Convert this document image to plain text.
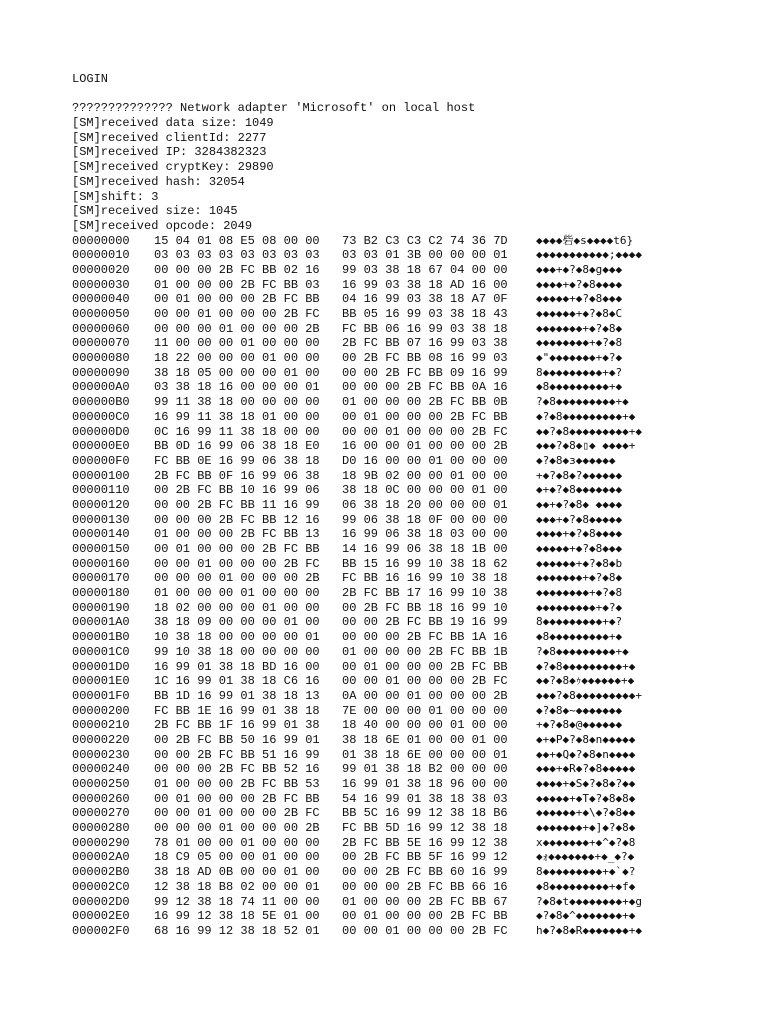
LOGIN
?????????????? Network adapter 'Microsoft' on local host
[SM]received data size: 1049
[SM]received clientId: 2277
[SM]received IP: 3284382323
[SM]received cryptKey: 29890
[SM]received hash: 32054
[SM]shift: 3
[SM]received size: 1045
[SM]received opcode: 2049
00000000 15 04 01 08 E5 08 00 00 73 B2 C3 C3 C2 74 36 7D	◆◆◆◆砦◆s◆◆◆◆t6}
00000010 03 03 03 03 03 03 03 03 03 03 01 3B 00 00 00 01	◆◆◆◆◆◆◆◆◆◆◆;◆◆◆◆
00000020 00 00 00 2B FC BB 02 16 99 03 38 18 67 04 00 00	◆◆◆+◆?◆8◆g◆◆◆
00000030 01 00 00 00 2B FC BB 03 16 99 03 38 18 AD 16 00	◆◆◆◆+◆?◆8◆◆◆◆
00000040 00 01 00 00 00 2B FC BB 04 16 99 03 38 18 A7 0F	◆◆◆◆◆+◆?◆8◆◆◆
00000050 00 00 01 00 00 00 2B FC BB 05 16 99 03 38 18 43	◆◆◆◆◆◆+◆?◆8◆C
00000060 00 00 00 01 00 00 00 2B FC BB 06 16 99 03 38 18	◆◆◆◆◆◆◆+◆?◆8◆
00000070 11 00 00 00 01 00 00 00 2B FC BB 07 16 99 03 38	◆◆◆◆◆◆◆◆+◆?◆8
00000080 18 22 00 00 00 01 00 00 00 2B FC BB 08 16 99 03	◆"◆◆◆◆◆◆◆+◆?◆
00000090 38 18 05 00 00 00 01 00 00 00 2B FC BB 09 16 99	8◆◆◆◆◆◆◆◆◆+◆?
000000A0 03 38 18 16 00 00 00 01 00 00 00 2B FC BB 0A 16	◆8◆◆◆◆◆◆◆◆◆+◆
000000B0 99 11 38 18 00 00 00 00 01 00 00 00 2B FC BB 0B	?◆8◆◆◆◆◆◆◆◆◆+◆
000000C0 16 99 11 38 18 01 00 00 00 01 00 00 00 2B FC BB	◆?◆8◆◆◆◆◆◆◆◆◆+◆
000000D0 0C 16 99 11 38 18 00 00 00 00 01 00 00 00 2B FC	◆◆?◆8◆◆◆◆◆◆◆◆◆+◆
000000E0 BB 0D 16 99 06 38 18 E0 16 00 00 01 00 00 00 2B	◆◆◆?◆8◆▯◆ ◆◆◆◆+
000000F0 FC BB 0E 16 99 06 38 18 D0 16 00 00 01 00 00 00	◆?◆8◆з◆◆◆◆◆◆
00000100 2B FC BB 0F 16 99 06 38 18 9B 02 00 00 01 00 00	+◆?◆8◆?◆◆◆◆◆◆
00000110 00 2B FC BB 10 16 99 06 38 18 0C 00 00 00 01 00	◆+◆?◆8◆◆◆◆◆◆◆
00000120 00 00 2B FC BB 11 16 99 06 38 18 20 00 00 00 01	◆◆+◆?◆8◆ ◆◆◆◆
00000130 00 00 00 2B FC BB 12 16 99 06 38 18 0F 00 00 00	◆◆◆+◆?◆8◆◆◆◆◆
00000140 01 00 00 00 2B FC BB 13 16 99 06 38 18 03 00 00	◆◆◆◆+◆?◆8◆◆◆◆
00000150 00 01 00 00 00 2B FC BB 14 16 99 06 38 18 1B 00	◆◆◆◆◆+◆?◆8◆◆◆
00000160 00 00 01 00 00 00 2B FC BB 15 16 99 10 38 18 62	◆◆◆◆◆◆+◆?◆8◆b
00000170 00 00 00 01 00 00 00 2B FC BB 16 16 99 10 38 18	◆◆◆◆◆◆◆+◆?◆8◆
00000180 01 00 00 00 01 00 00 00 2B FC BB 17 16 99 10 38	◆◆◆◆◆◆◆◆+◆?◆8
00000190 18 02 00 00 00 01 00 00 00 2B FC BB 18 16 99 10	◆◆◆◆◆◆◆◆◆+◆?◆
000001A0 38 18 09 00 00 00 01 00 00 00 2B FC BB 19 16 99	8◆◆◆◆◆◆◆◆◆+◆?
000001B0 10 38 18 00 00 00 00 01 00 00 00 2B FC BB 1A 16	◆8◆◆◆◆◆◆◆◆◆+◆
000001C0 99 10 38 18 00 00 00 00 01 00 00 00 2B FC BB 1B	?◆8◆◆◆◆◆◆◆◆◆+◆
000001D0 16 99 01 38 18 BD 16 00 00 01 00 00 00 2B FC BB	◆?◆8◆◆◆◆◆◆◆◆◆+◆
000001E0 1C 16 99 01 38 18 C6 16 00 00 01 00 00 00 2B FC	◆◆?◆8◆ｩ◆◆◆◆◆◆+◆
000001F0 BB 1D 16 99 01 38 18 13 0A 00 00 01 00 00 00 2B	◆◆◆?◆8◆◆◆◆◆◆◆◆◆+
00000200 FC BB 1E 16 99 01 38 18 7E 00 00 00 01 00 00 00	◆?◆8◆~◆◆◆◆◆◆◆
00000210 2B FC BB 1F 16 99 01 38 18 40 00 00 00 01 00 00	+◆?◆8◆@◆◆◆◆◆◆
00000220 00 2B FC BB 50 16 99 01 38 18 6E 01 00 00 01 00	◆+◆P◆?◆8◆n◆◆◆◆◆
00000230 00 00 2B FC BB 51 16 99 01 38 18 6E 00 00 00 01	◆◆+◆Q◆?◆8◆n◆◆◆◆
00000240 00 00 00 2B FC BB 52 16 99 01 38 18 B2 00 00 00	◆◆◆+◆R◆?◆8◆◆◆◆◆
00000250 01 00 00 00 2B FC BB 53 16 99 01 38 18 96 00 00	◆◆◆◆+◆S◆?◆8◆?◆◆
00000260 00 01 00 00 00 2B FC BB 54 16 99 01 38 18 38 03	◆◆◆◆◆+◆T◆?◆8◆8◆
00000270 00 00 01 00 00 00 2B FC BB 5C 16 99 12 38 18 B6	◆◆◆◆◆◆+◆\◆?◆8◆◆
00000280 00 00 00 01 00 00 00 2B FC BB 5D 16 99 12 38 18	◆◆◆◆◆◆◆+◆]◆?◆8◆
00000290 78 01 00 00 01 00 00 00 2B FC BB 5E 16 99 12 38	x◆◆◆◆◆◆◆+◆^◆?◆8
000002A0 18 C9 05 00 00 01 00 00 00 2B FC BB 5F 16 99 12	◆ｫ◆◆◆◆◆◆◆+◆_◆?◆
000002B0 38 18 AD 0B 00 00 01 00 00 00 2B FC BB 60 16 99	8◆◆◆◆◆◆◆◆◆+◆`◆?
000002C0 12 38 18 B8 02 00 00 01 00 00 00 2B FC BB 66 16	◆8◆◆◆◆◆◆◆◆◆+◆f◆
000002D0 99 12 38 18 74 11 00 00 01 00 00 00 2B FC BB 67	?◆8◆t◆◆◆◆◆◆◆◆+◆g
000002E0 16 99 12 38 18 5E 01 00 00 01 00 00 00 2B FC BB	◆?◆8◆^◆◆◆◆◆◆◆+◆
000002F0 68 16 99 12 38 18 52 01 00 00 01 00 00 00 2B FC	h◆?◆8◆R◆◆◆◆◆◆◆+◆
